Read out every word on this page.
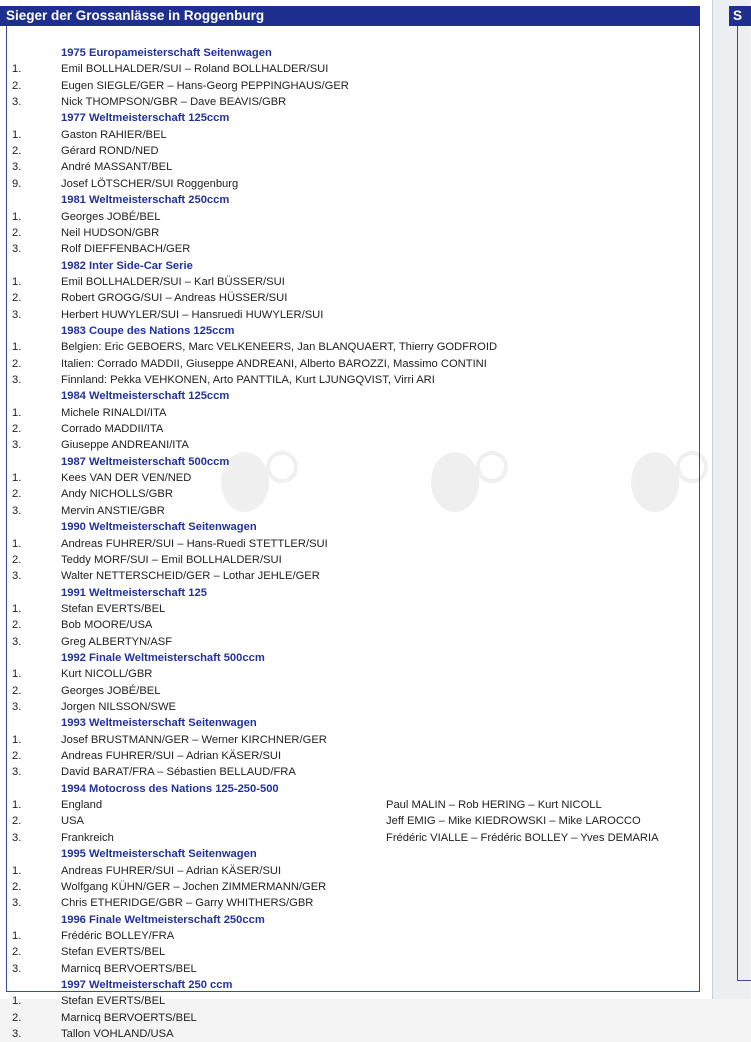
Sieger der Grossanlässe in Roggenburg
1975 Europameisterschaft Seitenwagen
1.	Emil BOLLHALDER/SUI – Roland BOLLHALDER/SUI
2.	Eugen SIEGLE/GER – Hans-Georg PEPPINGHAUS/GER
3.	Nick THOMPSON/GBR – Dave BEAVIS/GBR
1977 Weltmeisterschaft 125ccm
1.	Gaston RAHIER/BEL
2.	Gérard ROND/NED
3.	André MASSANT/BEL
9.	Josef LÖTSCHER/SUI Roggenburg
1981 Weltmeisterschaft 250ccm
1.	Georges JOBÉ/BEL
2.	Neil HUDSON/GBR
3.	Rolf DIEFFENBACH/GER
1982 Inter Side-Car Serie
1.	Emil BOLLHALDER/SUI – Karl BÜSSER/SUI
2.	Robert GROGG/SUI – Andreas HÜSSER/SUI
3.	Herbert HUWYLER/SUI – Hansruedi HUWYLER/SUI
1983 Coupe des Nations 125ccm
1.	Belgien: Eric GEBOERS, Marc VELKENEERS, Jan BLANQUAERT, Thierry GODFROID
2.	Italien: Corrado MADDII, Giuseppe ANDREANI, Alberto BAROZZI, Massimo CONTINI
3.	Finnland: Pekka VEHKONEN, Arto PANTTILA, Kurt LJUNGQVIST, Virri ARI
1984 Weltmeisterschaft 125ccm
1.	Michele RINALDI/ITA
2.	Corrado MADDII/ITA
3.	Giuseppe ANDREANI/ITA
1987 Weltmeisterschaft 500ccm
1.	Kees VAN DER VEN/NED
2.	Andy NICHOLLS/GBR
3.	Mervin ANSTIE/GBR
1990 Weltmeisterschaft Seitenwagen
1.	Andreas FUHRER/SUI – Hans-Ruedi STETTLER/SUI
2.	Teddy MORF/SUI – Emil BOLLHALDER/SUI
3.	Walter NETTERSCHEID/GER – Lothar JEHLE/GER
1991 Weltmeisterschaft 125
1.	Stefan EVERTS/BEL
2.	Bob MOORE/USA
3.	Greg ALBERTYN/ASF
1992 Finale Weltmeisterschaft 500ccm
1.	Kurt NICOLL/GBR
2.	Georges JOBÉ/BEL
3.	Jorgen NILSSON/SWE
1993 Weltmeisterschaft Seitenwagen
1.	Josef BRUSTMANN/GER – Werner KIRCHNER/GER
2.	Andreas FUHRER/SUI – Adrian KÄSER/SUI
3.	David BARAT/FRA – Sébastien BELLAUD/FRA
1994 Motocross des Nations 125-250-500
1.	England	Paul MALIN – Rob HERING – Kurt NICOLL
2.	USA	Jeff EMIG – Mike KIEDROWSKI – Mike LAROCCO
3.	Frankreich	Frédéric VIALLE – Frédéric BOLLEY – Yves DEMARIA
1995 Weltmeisterschaft Seitenwagen
1.	Andreas FUHRER/SUI – Adrian KÄSER/SUI
2.	Wolfgang KÜHN/GER – Jochen ZIMMERMANN/GER
3.	Chris ETHERIDGE/GBR – Garry WHITHERS/GBR
1996 Finale Weltmeisterschaft 250ccm
1.	Frédéric BOLLEY/FRA
2.	Stefan EVERTS/BEL
3.	Marnicq BERVOERTS/BEL
1997 Weltmeisterschaft 250 ccm
1.	Stefan EVERTS/BEL
2.	Marnicq BERVOERTS/BEL
3.	Tallon VOHLAND/USA
S
